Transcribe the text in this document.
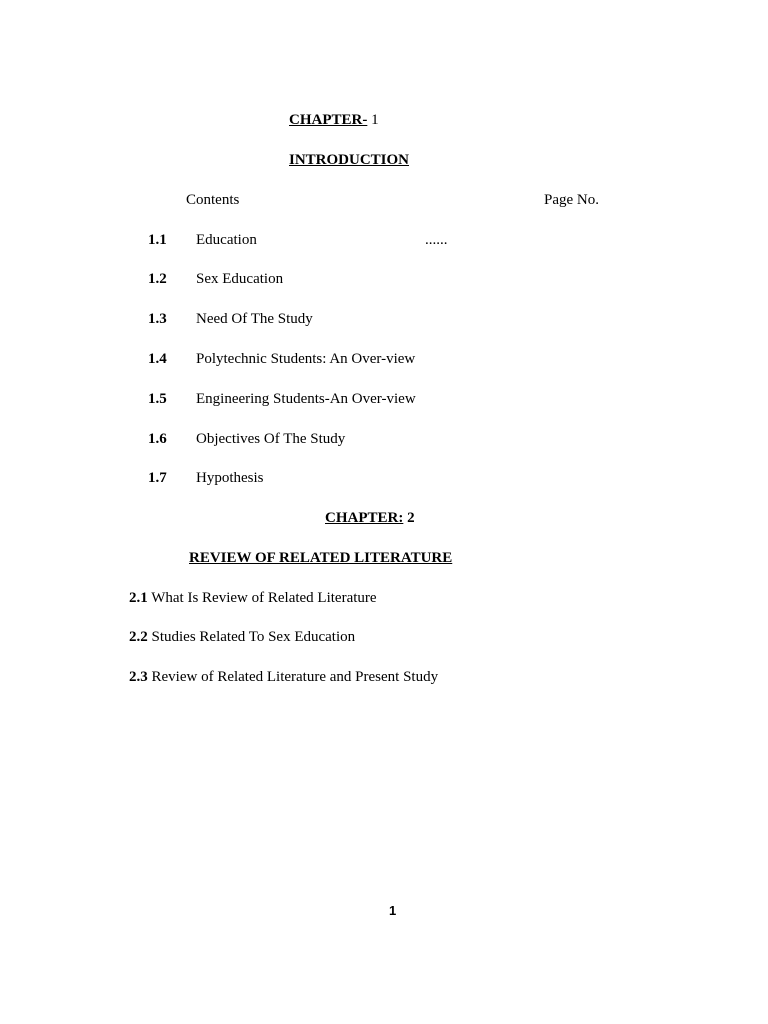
CHAPTER- 1
INTRODUCTION
Contents	Page No.
1.1 Education	......
1.2 Sex Education
1.3 Need Of The Study
1.4 Polytechnic Students: An Over-view
1.5 Engineering Students-An Over-view
1.6 Objectives Of The Study
1.7 Hypothesis
CHAPTER: 2
REVIEW OF RELATED LITERATURE
2.1 What Is Review of Related Literature
2.2 Studies Related To Sex Education
2.3 Review of Related Literature and Present Study
1
